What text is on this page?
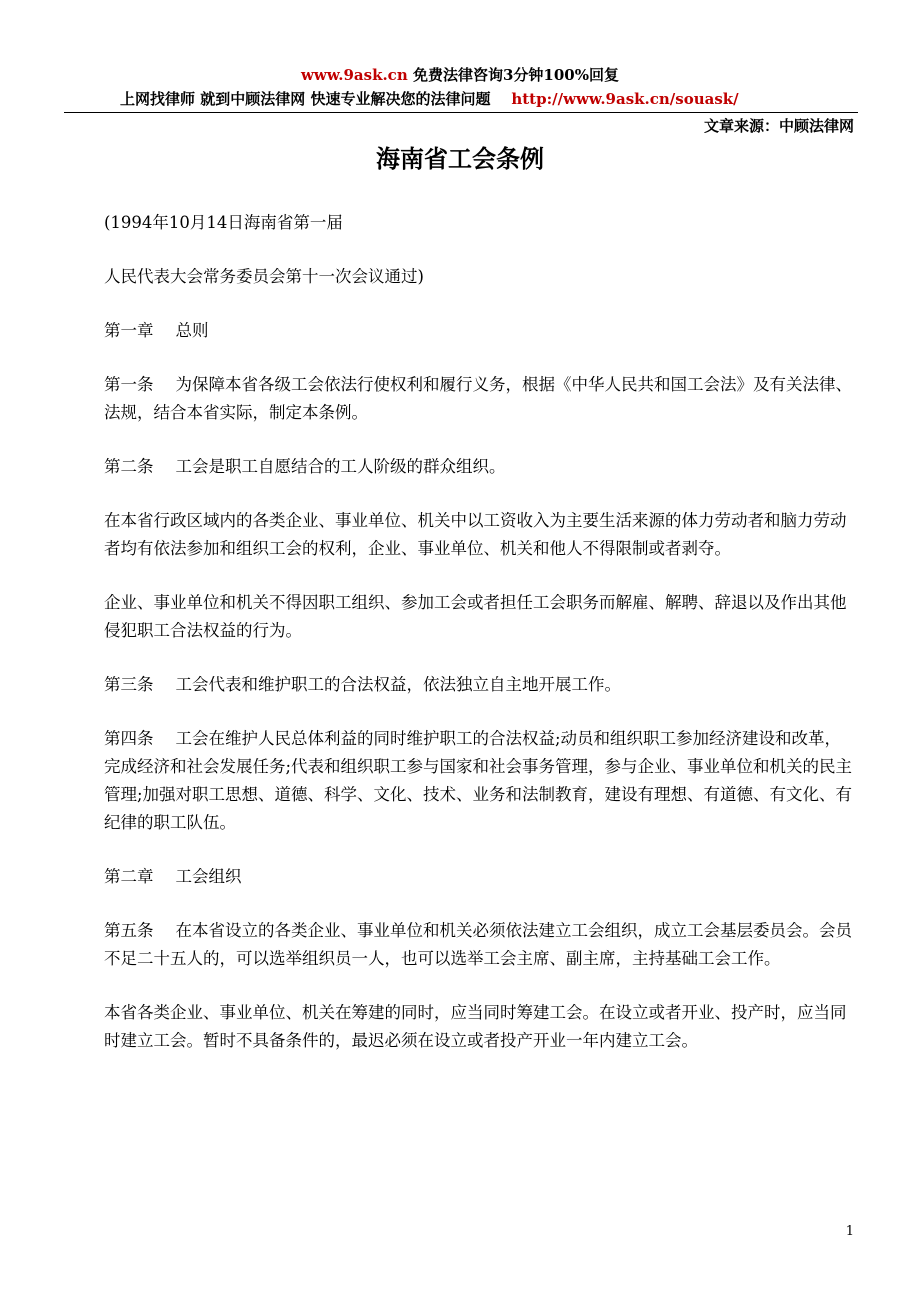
www.9ask.cn 免费法律咨询3分钟100%回复
上网找律师 就到中顾法律网 快速专业解决您的法律问题 http://www.9ask.cn/souask/
文章来源：中顾法律网
海南省工会条例

(1994年10月14日海南省第一届

人民代表大会常务委员会第十一次会议通过)

第一章 总则

第一条 为保障本省各级工会依法行使权利和履行义务，根据《中华人民共和国工会法》及有关法律、法规，结合本省实际，制定本条例。

第二条 工会是职工自愿结合的工人阶级的群众组织。

在本省行政区域内的各类企业、事业单位、机关中以工资收入为主要生活来源的体力劳动者和脑力劳动者均有依法参加和组织工会的权利，企业、事业单位、机关和他人不得限制或者剥夺。

企业、事业单位和机关不得因职工组织、参加工会或者担任工会职务而解雇、解聘、辞退以及作出其他侵犯职工合法权益的行为。

第三条 工会代表和维护职工的合法权益，依法独立自主地开展工作。

第四条 工会在维护人民总体利益的同时维护职工的合法权益;动员和组织职工参加经济建设和改革，完成经济和社会发展任务;代表和组织职工参与国家和社会事务管理，参与企业、事业单位和机关的民主管理;加强对职工思想、道德、科学、文化、技术、业务和法制教育，建设有理想、有道德、有文化、有纪律的职工队伍。

第二章 工会组织

第五条 在本省设立的各类企业、事业单位和机关必须依法建立工会组织，成立工会基层委员会。会员不足二十五人的，可以选举组织员一人，也可以选举工会主席、副主席，主持基础工会工作。

本省各类企业、事业单位、机关在筹建的同时，应当同时筹建工会。在设立或者开业、投产时，应当同时建立工会。暂时不具备条件的，最迟必须在设立或者投产开业一年内建立工会。

1
